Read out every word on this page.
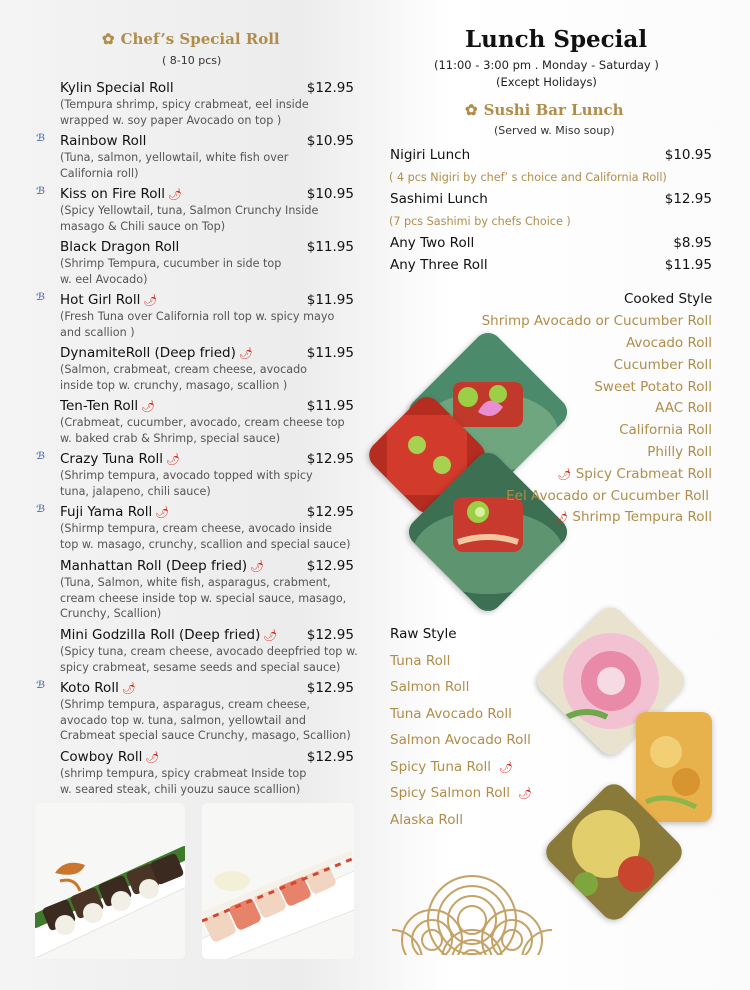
✿ Chef’s Special Roll
( 8-10 pcs)
Kylin Special Roll	$12.95
(Tempura shrimp, spicy crabmeat, eel inside
wrapped w. soy paper Avocado on top )
ℬ Rainbow Roll	$10.95
(Tuna, salmon, yellowtail, white fish over
California roll)
ℬ Kiss on Fire Roll 🌶	$10.95
(Spicy Yellowtail, tuna, Salmon Crunchy Inside
masago & Chili sauce on Top)
Black Dragon Roll	$11.95
(Shrimp Tempura, cucumber in side top
w. eel Avocado)
ℬ Hot Girl Roll 🌶	$11.95
(Fresh Tuna over California roll top w. spicy mayo
and scallion )
DynamiteRoll (Deep fried) 🌶	$11.95
(Salmon, crabmeat, cream cheese, avocado
inside top w. crunchy, masago, scallion )
Ten-Ten Roll 🌶	$11.95
(Crabmeat, cucumber, avocado, cream cheese top
w. baked crab & Shrimp, special sauce)
ℬ Crazy Tuna Roll 🌶	$12.95
(Shrimp tempura, avocado topped with spicy
tuna, jalapeno, chili sauce)
ℬ Fuji Yama Roll 🌶	$12.95
(Shirmp tempura, cream cheese, avocado inside
top w. masago, crunchy, scallion and special sauce)
Manhattan Roll (Deep fried) 🌶	$12.95
(Tuna, Salmon, white fish, asparagus, crabment,
cream cheese inside top w. special sauce, masago,
Crunchy, Scallion)
Mini Godzilla Roll (Deep fried) 🌶 $12.95
(Spicy tuna, cream cheese, avocado deepfried top w.
spicy crabmeat, sesame seeds and special sauce)
ℬ Koto Roll 🌶	$12.95
(Shrimp tempura, asparagus, cream cheese,
avocado top w. tuna, salmon, yellowtail and
Crabmeat special sauce Crunchy, masago, Scallion)
Cowboy Roll 🌶	$12.95
(shrimp tempura, spicy crabmeat Inside top
w. seared steak, chili youzu sauce scallion)
Lunch Special
(11:00 - 3:00 pm . Monday - Saturday )
(Except Holidays)
✿ Sushi Bar Lunch
(Served w. Miso soup)
Nigiri Lunch	$10.95
( 4 pcs Nigiri by chef’ s choice and California Roll)
Sashimi Lunch	$12.95
(7 pcs Sashimi by chefs Choice )
Any Two Roll	$8.95
Any Three Roll	$11.95
Cooked Style
Shrimp Avocado or Cucumber Roll
Avocado Roll
Cucumber Roll
Sweet Potato Roll
AAC Roll
California Roll
Philly Roll
🌶 Spicy Crabmeat Roll
Eel Avocado or Cucumber Roll
🌶 Shrimp Tempura Roll
Raw Style
Tuna Roll
Salmon Roll
Tuna Avocado Roll
Salmon Avocado Roll
Spicy Tuna Roll 🌶
Spicy Salmon Roll 🌶
Alaska Roll
